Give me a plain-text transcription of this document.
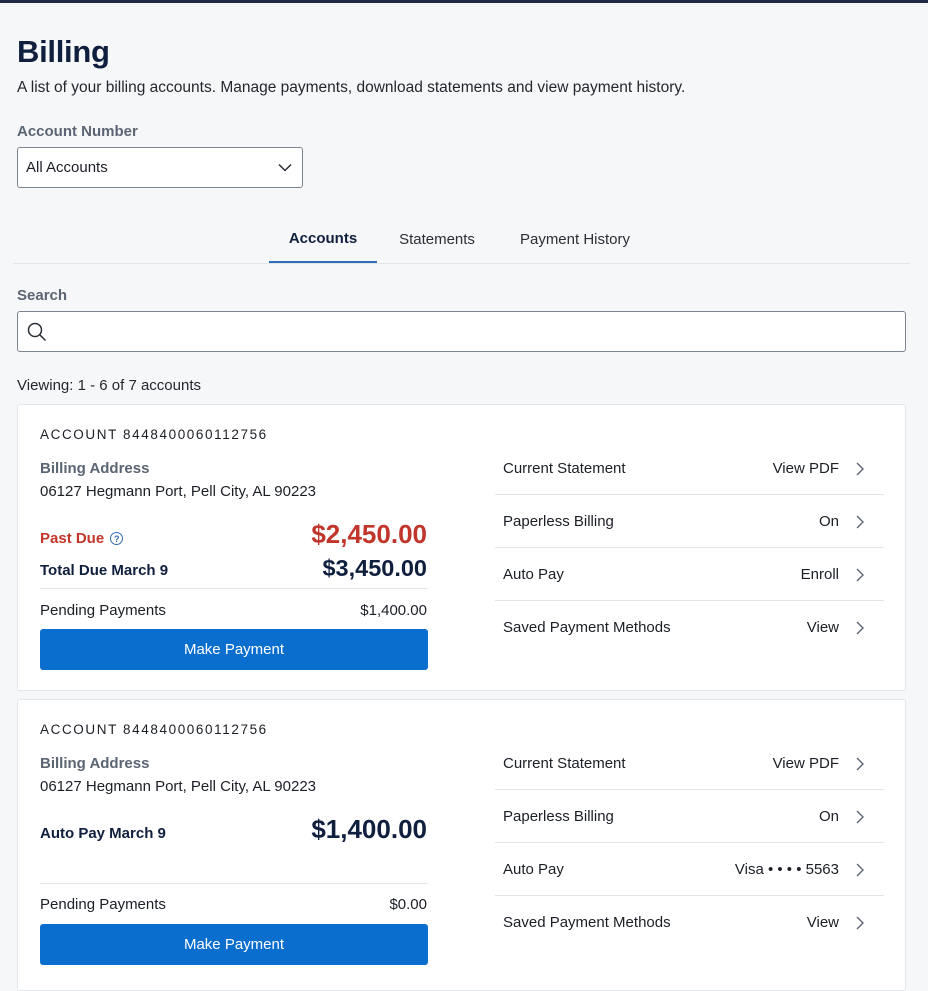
Billing

A list of your billing accounts. Manage payments, download statements and view payment history.

Account Number
All Accounts
Accounts	Statements	Payment History
Search
Viewing: 1 - 6 of 7 accounts
ACCOUNT 8448400060112756
Billing Address
06127 Hegmann Port, Pell City, AL 90223
Past Due	?	$2,450.00
Total Due March 9	$3,450.00
Pending Payments	$1,400.00
Make Payment
Current Statement	View PDF
Paperless Billing	On
Auto Pay	Enroll
Saved Payment Methods	View
ACCOUNT 8448400060112756
Billing Address
06127 Hegmann Port, Pell City, AL 90223
Auto Pay March 9	$1,400.00
Pending Payments	$0.00
Make Payment
Current Statement	View PDF
Paperless Billing	On
Auto Pay	Visa • • • • 5563
Saved Payment Methods	View
